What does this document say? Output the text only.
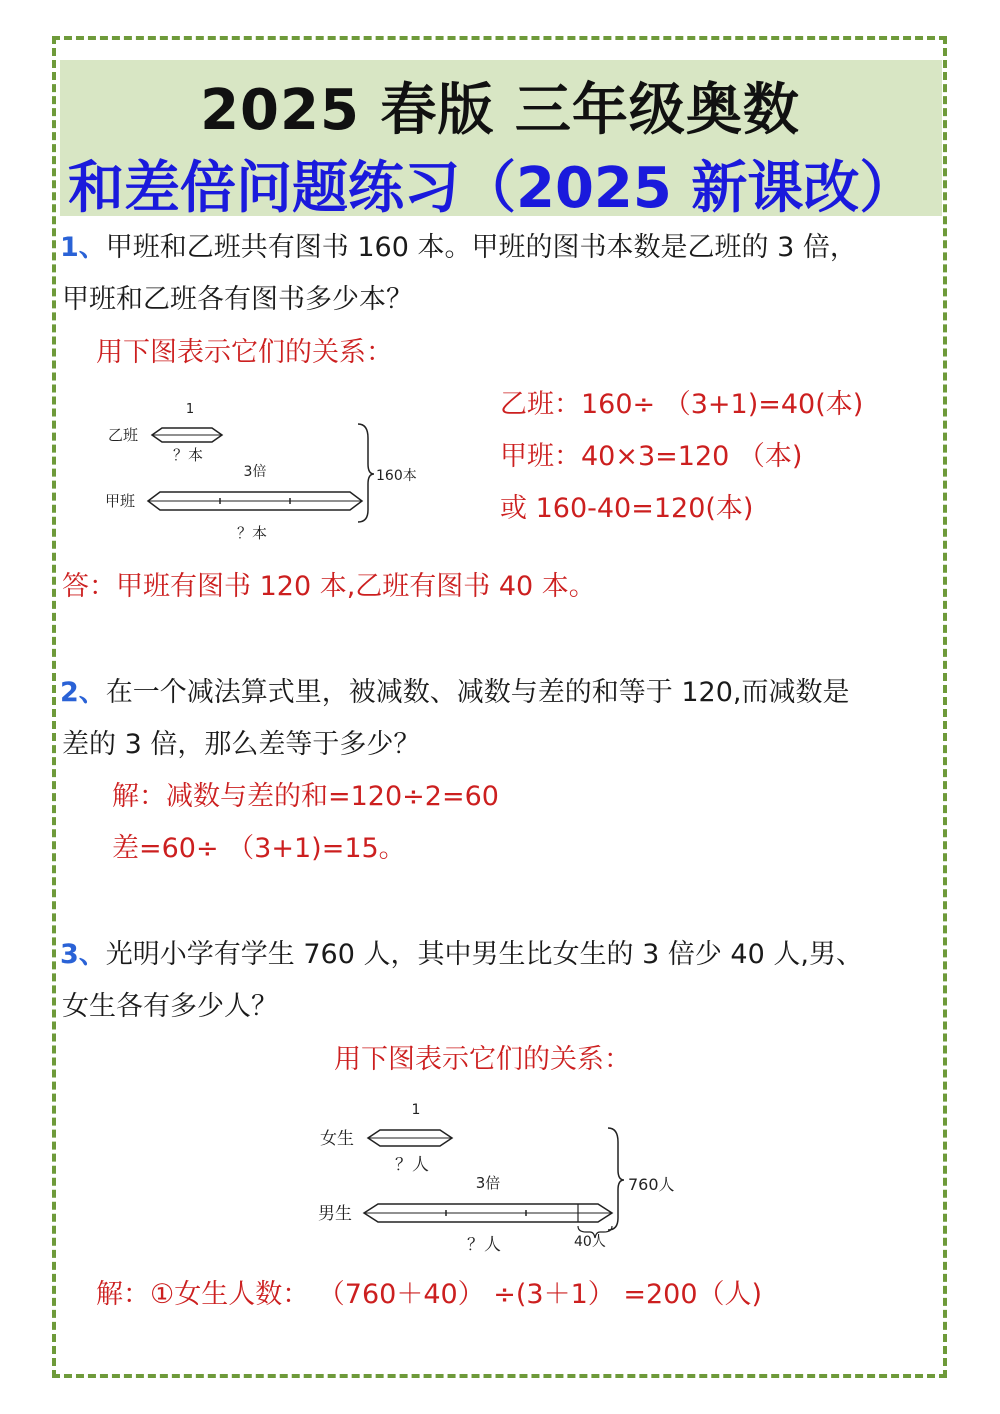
2025 春版 三年级奥数
和差倍问题练习（2025 新课改）
1、甲班和乙班共有图书 160 本。甲班的图书本数是乙班的 3 倍，
甲班和乙班各有图书多少本？
用下图表示它们的关系：
1
乙班
？本
3倍
甲班
？本
160本
乙班：160÷ （3+1)=40(本)
甲班：40×3=120 （本)
或 160-40=120(本)
答：甲班有图书 120 本,乙班有图书 40 本。
2、在一个减法算式里，被减数、减数与差的和等于 120,而减数是
差的 3 倍，那么差等于多少？
解：减数与差的和=120÷2=60
差=60÷ （3+1)=15。
3、光明小学有学生 760 人，其中男生比女生的 3 倍少 40 人,男、
女生各有多少人？
用下图表示它们的关系：
1
女生
？人
3倍
男生
？人	40人
760人
解：①女生人数： （760＋40） ÷(3＋1） =200（人)
